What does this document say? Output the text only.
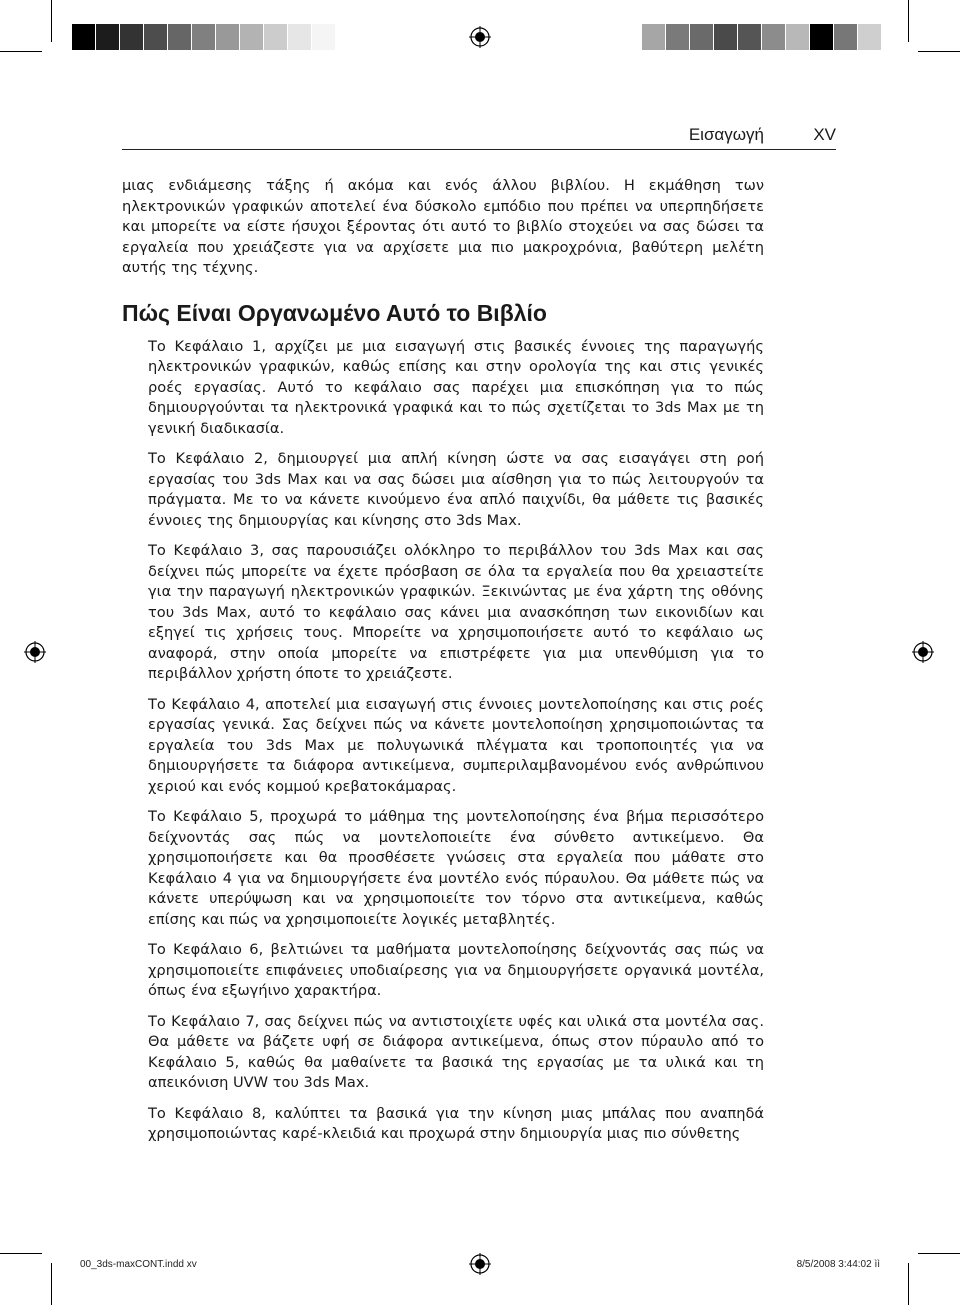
Εισαγωγή	XV

μιας ενδιάμεσης τάξης ή ακόμα και ενός άλλου βιβλίου. Η εκμάθηση των ηλεκτρονικών γραφικών αποτελεί ένα δύσκολο εμπόδιο που πρέπει να υπερπηδήσετε και μπορείτε να είστε ήσυχοι ξέροντας ότι αυτό το βιβλίο στοχεύει να σας δώσει τα εργαλεία που χρειάζεστε για να αρχίσετε μια πιο μακροχρόνια, βαθύτερη μελέτη αυτής της τέχνης.

Πώς Είναι Οργανωμένο Αυτό το Βιβλίο

Το Κεφάλαιο 1, αρχίζει με μια εισαγωγή στις βασικές έννοιες της παραγωγής ηλεκτρονικών γραφικών, καθώς επίσης και στην ορολογία της και στις γενικές ροές εργασίας. Αυτό το κεφάλαιο σας παρέχει μια επισκόπηση για το πώς δημιουργούνται τα ηλεκτρονικά γραφικά και το πώς σχετίζεται το 3ds Max με τη γενική διαδικασία.

Το Κεφάλαιο 2, δημιουργεί μια απλή κίνηση ώστε να σας εισαγάγει στη ροή εργασίας του 3ds Max και να σας δώσει μια αίσθηση για το πώς λειτουργούν τα πράγματα. Με το να κάνετε κινούμενο ένα απλό παιχνίδι, θα μάθετε τις βασικές έννοιες της δημιουργίας και κίνησης στο 3ds Max.

Το Κεφάλαιο 3, σας παρουσιάζει ολόκληρο το περιβάλλον του 3ds Max και σας δείχνει πώς μπορείτε να έχετε πρόσβαση σε όλα τα εργαλεία που θα χρειαστείτε για την παραγωγή ηλεκτρονικών γραφικών. Ξεκινώντας με ένα χάρτη της οθόνης του 3ds Max, αυτό το κεφάλαιο σας κάνει μια ανασκόπηση των εικονιδίων και εξηγεί τις χρήσεις τους. Μπορείτε να χρησιμοποιήσετε αυτό το κεφάλαιο ως αναφορά, στην οποία μπορείτε να επιστρέφετε για μια υπενθύμιση για το περιβάλλον χρήστη όποτε το χρειάζεστε.

Το Κεφάλαιο 4, αποτελεί μια εισαγωγή στις έννοιες μοντελοποίησης και στις ροές εργασίας γενικά. Σας δείχνει πώς να κάνετε μοντελοποίηση χρησιμοποιώντας τα εργαλεία του 3ds Max με πολυγωνικά πλέγματα και τροποποιητές για να δημιουργήσετε τα διάφορα αντικείμενα, συμπεριλαμβανομένου ενός ανθρώπινου χεριού και ενός κομμού κρεβατοκάμαρας.

Το Κεφάλαιο 5, προχωρά το μάθημα της μοντελοποίησης ένα βήμα περισσότερο δείχνοντάς σας πώς να μοντελοποιείτε ένα σύνθετο αντικείμενο. Θα χρησιμοποιήσετε και θα προσθέσετε γνώσεις στα εργαλεία που μάθατε στο Κεφάλαιο 4 για να δημιουργήσετε ένα μοντέλο ενός πύραυλου. Θα μάθετε πώς να κάνετε υπερύψωση και να χρησιμοποιείτε τον τόρνο στα αντικείμενα, καθώς επίσης και πώς να χρησιμοποιείτε λογικές μεταβλητές.

Το Κεφάλαιο 6, βελτιώνει τα μαθήματα μοντελοποίησης δείχνοντάς σας πώς να χρησιμοποιείτε επιφάνειες υποδιαίρεσης για να δημιουργήσετε οργανικά μοντέλα, όπως ένα εξωγήινο χαρακτήρα.

Το Κεφάλαιο 7, σας δείχνει πώς να αντιστοιχίετε υφές και υλικά στα μοντέλα σας. Θα μάθετε να βάζετε υφή σε διάφορα αντικείμενα, όπως στον πύραυλο από το Κεφάλαιο 5, καθώς θα μαθαίνετε τα βασικά της εργασίας με τα υλικά και τη απεικόνιση UVW του 3ds Max.

Το Κεφάλαιο 8, καλύπτει τα βασικά για την κίνηση μιας μπάλας που αναπηδά χρησιμοποιώντας καρέ-κλειδιά και προχωρά στην δημιουργία μιας πιο σύνθετης

00_3ds-maxCONT.indd xv	8/5/2008 3:44:02 ìì
